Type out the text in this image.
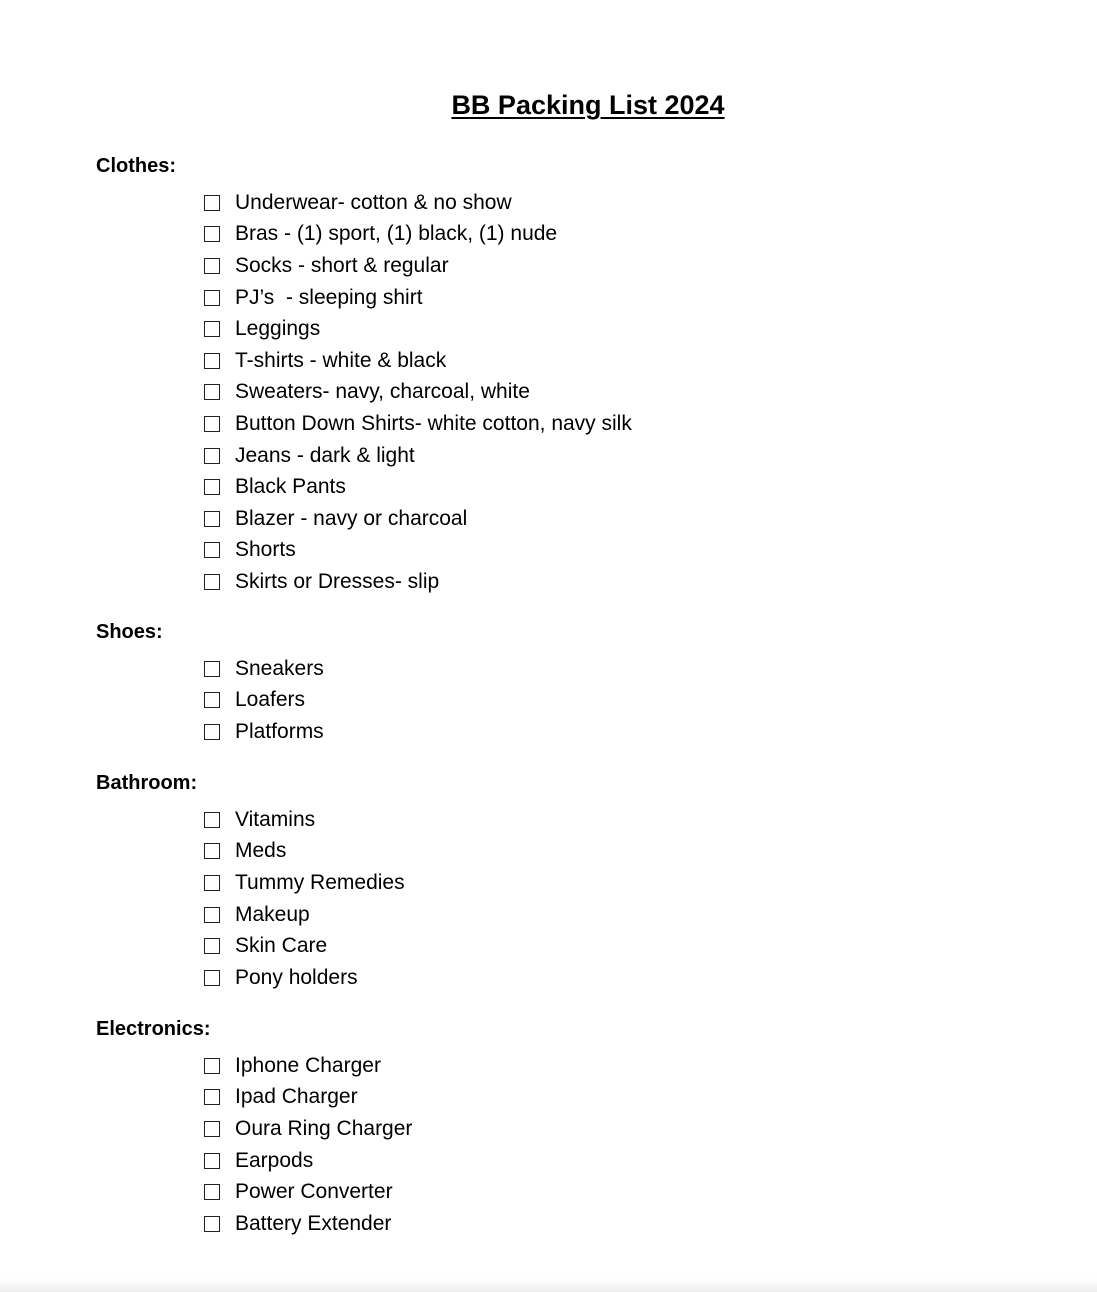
BB Packing List 2024

Clothes:

Underwear- cotton & no show
Bras - (1) sport, (1) black, (1) nude
Socks - short & regular
PJ’s  - sleeping shirt
Leggings
T-shirts - white & black
Sweaters- navy, charcoal, white
Button Down Shirts- white cotton, navy silk
Jeans - dark & light
Black Pants
Blazer - navy or charcoal
Shorts
Skirts or Dresses- slip

Shoes:

Sneakers
Loafers
Platforms

Bathroom:

Vitamins
Meds
Tummy Remedies
Makeup
Skin Care
Pony holders

Electronics:

Iphone Charger
Ipad Charger
Oura Ring Charger
Earpods
Power Converter
Battery Extender
